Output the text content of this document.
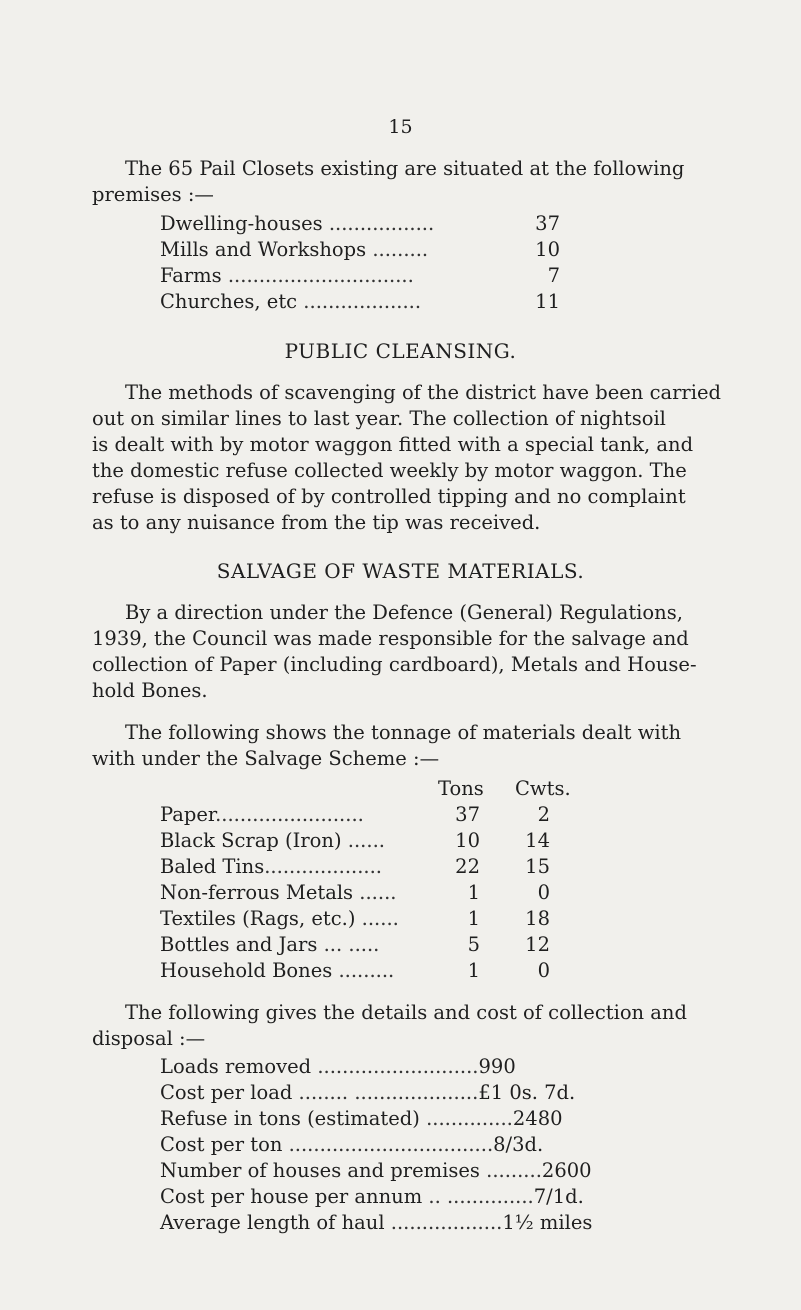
15
The 65 Pail Closets existing are situated at the following
premises :—
Dwelling-houses .................	37
Mills and Workshops .........	10
Farms ..............................	7
Churches, etc ...................	11
PUBLIC CLEANSING.
The methods of scavenging of the district have been carried
out on similar lines to last year. The collection of nightsoil
is dealt with by motor waggon fitted with a special tank, and
the domestic refuse collected weekly by motor waggon. The
refuse is disposed of by controlled tipping and no complaint
as to any nuisance from the tip was received.
SALVAGE OF WASTE MATERIALS.
By a direction under the Defence (General) Regulations,
1939, the Council was made responsible for the salvage and
collection of Paper (including cardboard), Metals and House-
hold Bones.
The following shows the tonnage of materials dealt with
with under the Salvage Scheme :—
Tons Cwts.
Paper........................	37	2
Black Scrap (Iron) ......	10 14
Baled Tins...................	22 15
Non-ferrous Metals ......	1	0
Textiles (Rags, etc.) ......	1 18
Bottles and Jars ... .....	5 12
Household Bones .........	1	0
The following gives the details and cost of collection and
disposal :—
Loads removed ..........................990
Cost per load ........ ....................£1 0s. 7d.
Refuse in tons (estimated) ..............2480
Cost per ton .................................8/3d.
Number of houses and premises .........2600
Cost per house per annum .. ..............7/1d.
Average length of haul ..................1½ miles
